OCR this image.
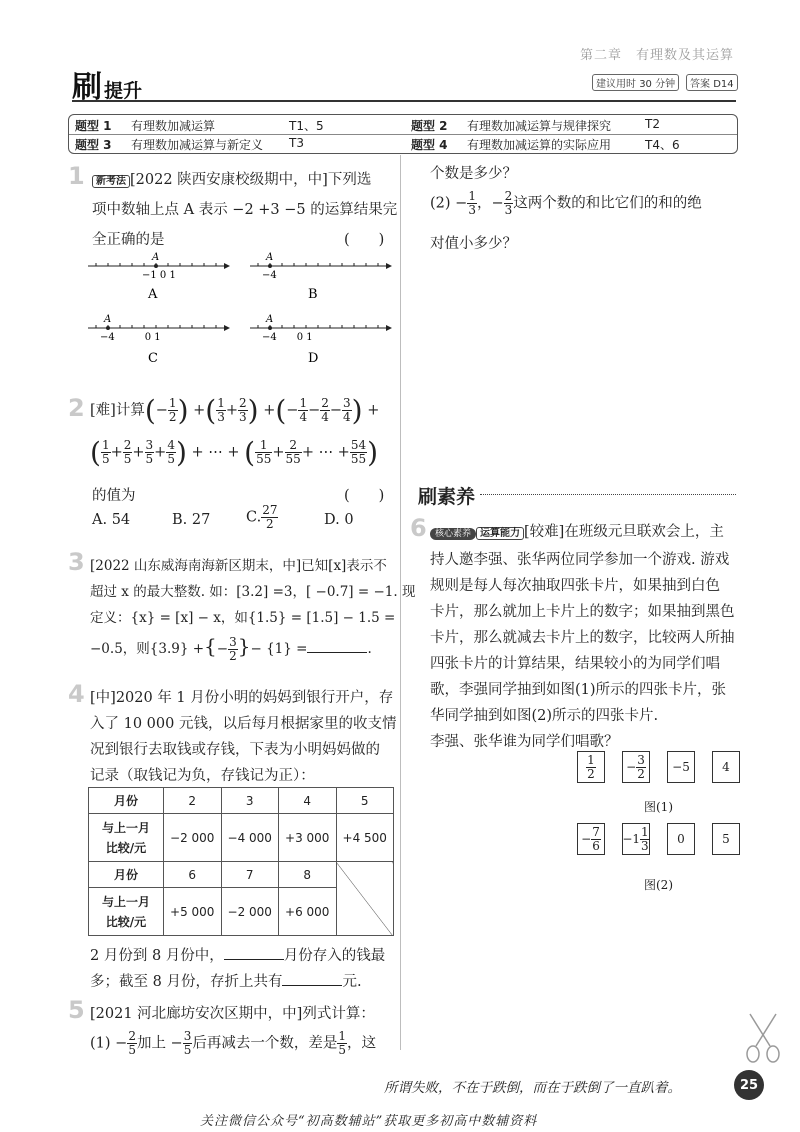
第二章　有理数及其运算
刷提升	建议用时 30 分钟	答案 D14
题型 1 有理数加减运算	T1、5	题型 2 有理数加减运算与规律探究	T2
题型 3 有理数加减运算与新定义 T3	题型 4 有理数加减运算的实际应用	T4、6
1	新考法 [2022 陕西安康校级期中，中]下列选
项中数轴上点 A 表示 −2 +3 −5 的运算结果完
全正确的是	(　　)
A
−1 0 1
A
−4
A
−4　　　0 1
A
−4　　0 1
A	B
C	D
2 [难]计算(− $\frac{1}{2}$ ) +( $\frac{1}{3} + \frac{2}{3}$ ) +(− $\frac{1}{4} - \frac{2}{4} - \frac{3}{4}$ ) +
( $\frac{1}{5} + \frac{2}{5} + \frac{3}{5} + \frac{4}{5}$ ) + ⋯ + ( $\frac{1}{55} + \frac{2}{55}$ + ⋯ + $\frac{54}{55}$ )
的值为	(　　)
A. 54	B. 27 C. $\frac{27}{2}$	D. 0
3 [2022 山东威海南海新区期末，中]已知[x]表示不
超过 x 的最大整数. 如：[3.2] =3，[ −0.7] = −1. 现
定义：{x} = [x] − x，如{1.5} = [1.5] − 1.5 =
−0.5，则{3.9} +{− $\frac{3}{2}$ }− {1} =	.
4 [中]2020 年 1 月份小明的妈妈到银行开户，存
入了 10 000 元钱，以后每月根据家里的收支情
况到银行去取钱或存钱，下表为小明妈妈做的
记录（取钱记为负，存钱记为正）：
月份	2	3	4	5

与上一月
比较/元	−2 000	−4 000	+3 000	+4 500
月份	6	7	8	

与上一月
比较/元	+5 000	−2 000	+6 000	
2 月份到 8 月份中，	月份存入的钱最
多；截至 8 月份，存折上共有	元.
5 [2021 河北廊坊安次区期中，中]列式计算：
$(1) - \frac{2}{5}$ 加上 − $\frac{3}{5}$ 后再减去一个数，差是 $\frac{1}{5}$ ，这
个数是多少？
$(2) - \frac{1}{3}$ ，− $\frac{2}{3}$ 这两个数的和比它们的和的绝
对值小多少？
刷素养
6 核心素养 运算能力 [较难]在班级元旦联欢会上，主
持人邀李强、张华两位同学参加一个游戏. 游戏
规则是每人每次抽取四张卡片，如果抽到白色
卡片，那么就加上卡片上的数字；如果抽到黑色
卡片，那么就减去卡片上的数字，比较两人所抽
四张卡片的计算结果，结果较小的为同学们唱
歌，李强同学抽到如图(1)所示的四张卡片，张
华同学抽到如图(2)所示的四张卡片.
李强、张华谁为同学们唱歌？
$\frac{1}{2}$	− $\frac{3}{2}$	−5	4
图(1)
− $\frac{7}{6} -1 \frac{1}{3}$	0	5
图(2)
所谓失败，不在于跌倒，而在于跌倒了一直趴着。	25
关注微信公众号“初高数辅站”获取更多初高中数辅资料
